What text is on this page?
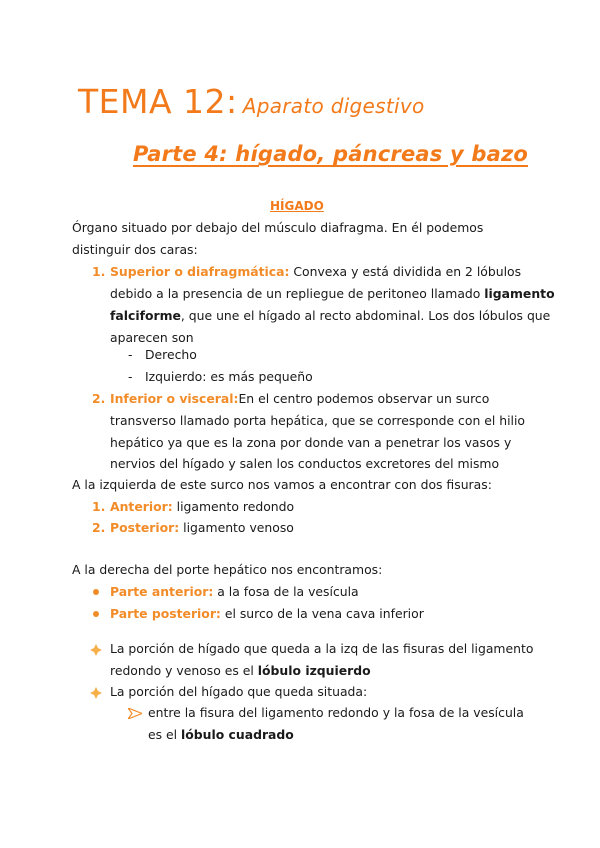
TEMA 12: Aparato digestivo
Parte 4: hígado, páncreas y bazo
HÍGADO
Órgano situado por debajo del músculo diafragma. En él podemos
distinguir dos caras:
1. Superior o diafragmática: Convexa y está dividida en 2 lóbulos
debido a la presencia de un repliegue de peritoneo llamado ligamento
falciforme, que une el hígado al recto abdominal. Los dos lóbulos que
aparecen son
- Derecho
- Izquierdo: es más pequeño
2. Inferior o visceral:En el centro podemos observar un surco
transverso llamado porta hepática, que se corresponde con el hilio
hepático ya que es la zona por donde van a penetrar los vasos y
nervios del hígado y salen los conductos excretores del mismo
A la izquierda de este surco nos vamos a encontrar con dos fisuras:
1. Anterior: ligamento redondo
2. Posterior: ligamento venoso
A la derecha del porte hepático nos encontramos:
Parte anterior: a la fosa de la vesícula
Parte posterior: el surco de la vena cava inferior
La porción de hígado que queda a la izq de las fisuras del ligamento
redondo y venoso es el lóbulo izquierdo
La porción del hígado que queda situada:
entre la fisura del ligamento redondo y la fosa de la vesícula
es el lóbulo cuadrado
